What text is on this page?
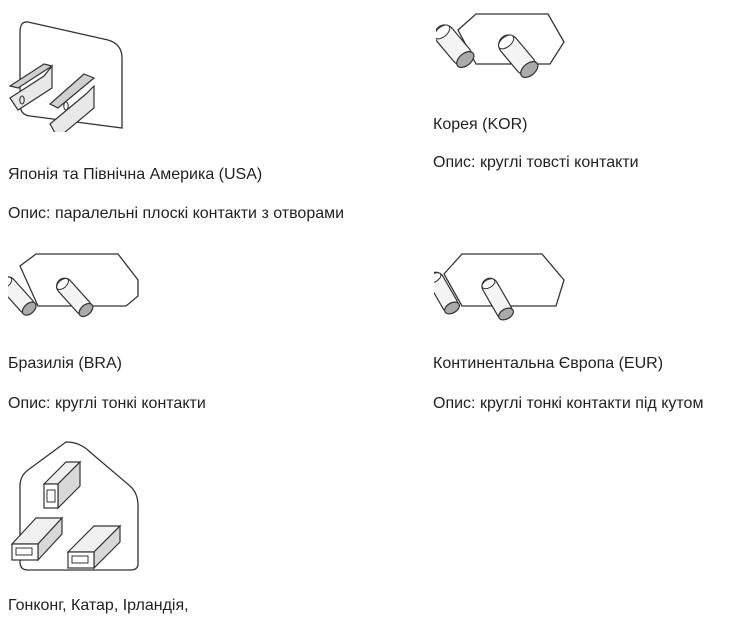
Японія та Північна Америка (USA)
Опис: паралельні плоскі контакти з отворами
Корея (KOR)
Опис: круглі товсті контакти
Бразилія (BRA)
Опис: круглі тонкі контакти
Континентальна Європа (EUR)
Опис: круглі тонкі контакти під кутом
Гонконг, Катар, Ірландія,
